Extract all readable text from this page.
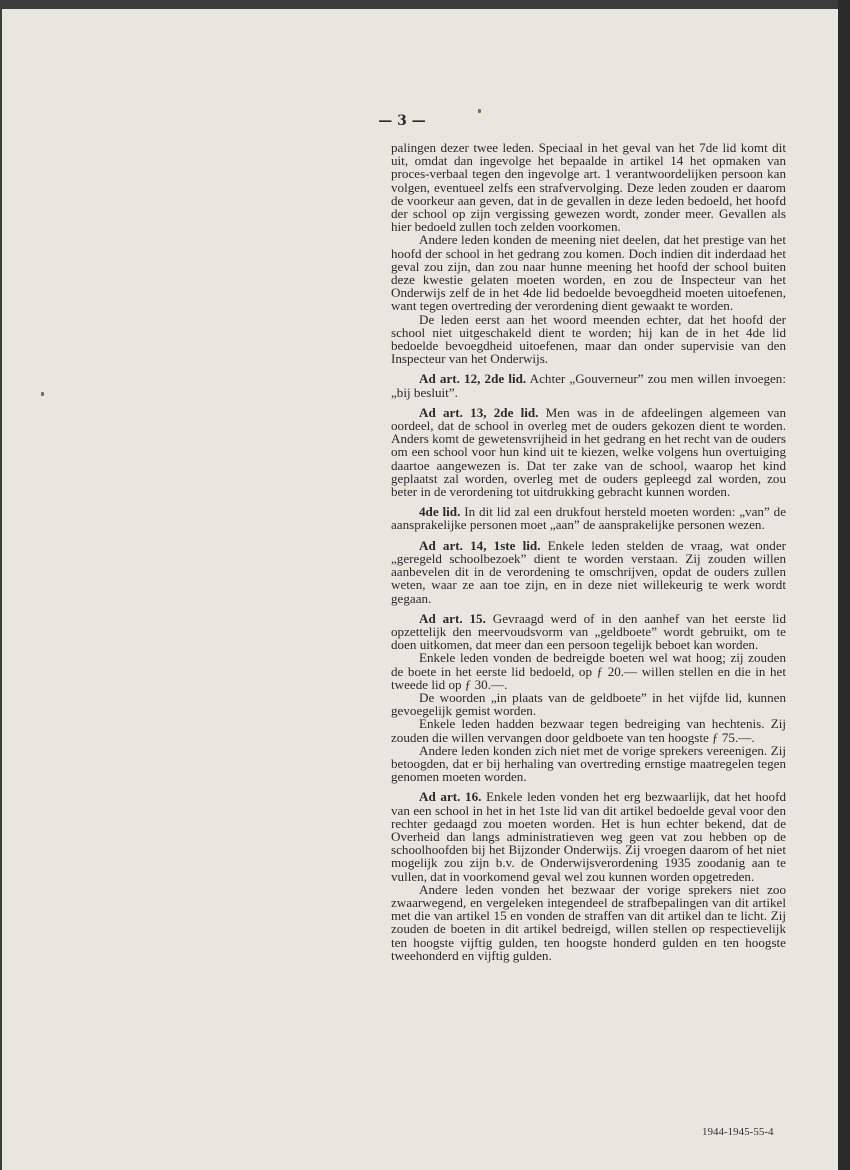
— 3 —

palingen dezer twee leden. Speciaal in het geval van het 7de lid komt dit uit, omdat dan ingevolge het bepaalde in artikel 14 het opmaken van proces-verbaal tegen den ingevolge art. 1 verantwoordelijken persoon kan volgen, eventueel zelfs een strafvervolging. Deze leden zouden er daarom de voorkeur aan geven, dat in de gevallen in deze leden bedoeld, het hoofd der school op zijn vergissing gewezen wordt, zonder meer. Gevallen als hier bedoeld zullen toch zelden voorkomen.

Andere leden konden de meening niet deelen, dat het prestige van het hoofd der school in het gedrang zou komen. Doch indien dit inderdaad het geval zou zijn, dan zou naar hunne meening het hoofd der school buiten deze kwestie gelaten moeten worden, en zou de Inspecteur van het Onderwijs zelf de in het 4de lid bedoelde bevoegdheid moeten uitoefenen, want tegen overtreding der verordening dient gewaakt te worden.

De leden eerst aan het woord meenden echter, dat het hoofd der school niet uitgeschakeld dient te worden; hij kan de in het 4de lid bedoelde bevoegdheid uitoefenen, maar dan onder supervisie van den Inspecteur van het Onderwijs.

Ad art. 12, 2de lid. Achter „Gouverneur” zou men willen invoegen: „bij besluit”.

Ad art. 13, 2de lid. Men was in de afdeelingen algemeen van oordeel, dat de school in overleg met de ouders gekozen dient te worden. Anders komt de gewetensvrijheid in het gedrang en het recht van de ouders om een school voor hun kind uit te kiezen, welke volgens hun overtuiging daartoe aangewezen is. Dat ter zake van de school, waarop het kind geplaatst zal worden, overleg met de ouders gepleegd zal worden, zou beter in de verordening tot uitdrukking gebracht kunnen worden.

4de lid. In dit lid zal een drukfout hersteld moeten worden: „van” de aansprakelijke personen moet „aan” de aansprakelijke personen wezen.

Ad art. 14, 1ste lid. Enkele leden stelden de vraag, wat onder „geregeld schoolbezoek” dient te worden verstaan. Zij zouden willen aanbevelen dit in de verordening te omschrijven, opdat de ouders zullen weten, waar ze aan toe zijn, en in deze niet willekeurig te werk wordt gegaan.

Ad art. 15. Gevraagd werd of in den aanhef van het eerste lid opzettelijk den meervoudsvorm van „geldboete” wordt gebruikt, om te doen uitkomen, dat meer dan een persoon tegelijk beboet kan worden.

Enkele leden vonden de bedreigde boeten wel wat hoog; zij zouden de boete in het eerste lid bedoeld, op ƒ 20.— willen stellen en die in het tweede lid op ƒ 30.—.

De woorden „in plaats van de geldboete” in het vijfde lid, kunnen gevoegelijk gemist worden.

Enkele leden hadden bezwaar tegen bedreiging van hechtenis. Zij zouden die willen vervangen door geldboete van ten hoogste ƒ 75.—.

Andere leden konden zich niet met de vorige sprekers vereenigen. Zij betoogden, dat er bij herhaling van overtreding ernstige maatregelen tegen genomen moeten worden.

Ad art. 16. Enkele leden vonden het erg bezwaarlijk, dat het hoofd van een school in het in het 1ste lid van dit artikel bedoelde geval voor den rechter gedaagd zou moeten worden. Het is hun echter bekend, dat de Overheid dan langs administratieven weg geen vat zou hebben op de schoolhoofden bij het Bijzonder Onderwijs. Zij vroegen daarom of het niet mogelijk zou zijn b.v. de Onderwijsverordening 1935 zoodanig aan te vullen, dat in voorkomend geval wel zou kunnen worden opgetreden.

Andere leden vonden het bezwaar der vorige sprekers niet zoo zwaarwegend, en vergeleken integendeel de strafbepalingen van dit artikel met die van artikel 15 en vonden de straffen van dit artikel dan te licht. Zij zouden de boeten in dit artikel bedreigd, willen stellen op respectievelijk ten hoogste vijftig gulden, ten hoogste honderd gulden en ten hoogste tweehonderd en vijftig gulden.

1944-1945-55-4
